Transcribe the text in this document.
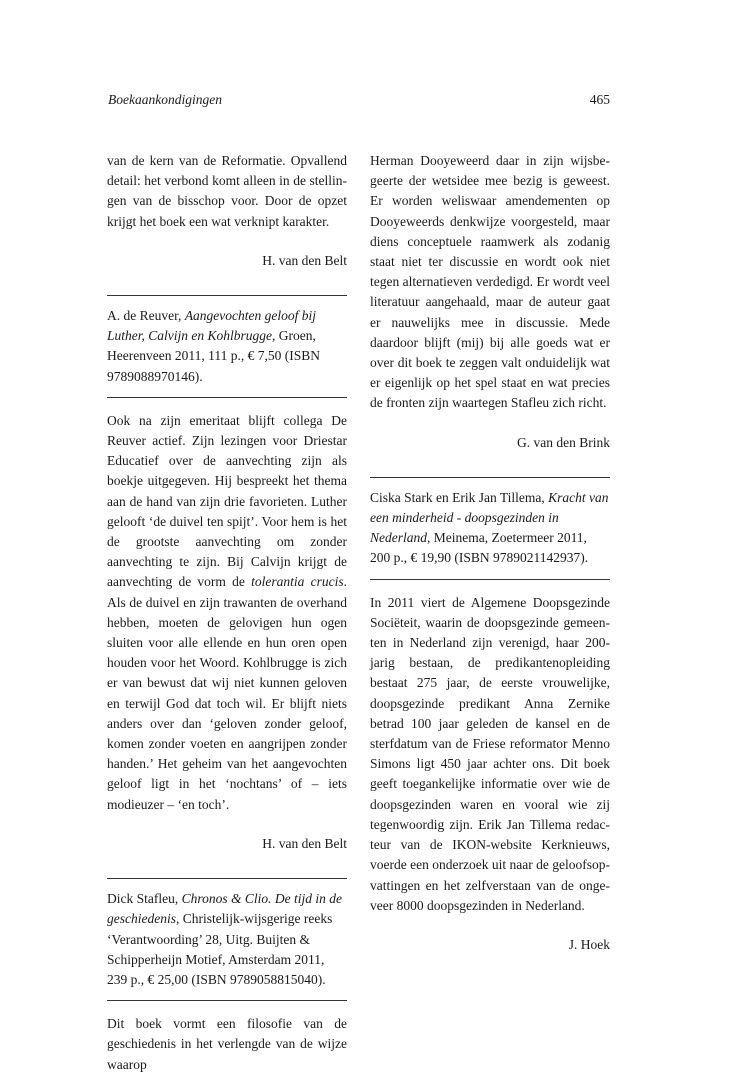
Boekaankondigingen	465

van de kern van de Reformatie. Opvallend detail: het verbond komt alleen in de stellingen van de bisschop voor. Door de opzet krijgt het boek een wat verknipt karakter.

H. van den Belt

A. de Reuver, Aangevochten geloof bij Luther, Calvijn en Kohlbrugge, Groen, Heerenveen 2011, 111 p., € 7,50 (ISBN 9789088970146).

Ook na zijn emeritaat blijft collega De Reuver actief. Zijn lezingen voor Driestar Educatief over de aanvechting zijn als boekje uitgegeven. Hij bespreekt het thema aan de hand van zijn drie favorieten. Luther gelooft ‘de duivel ten spijt’. Voor hem is het de grootste aanvechting om zonder aanvechting te zijn. Bij Calvijn krijgt de aanvechting de vorm de tolerantia crucis. Als de duivel en zijn trawanten de overhand hebben, moeten de gelovigen hun ogen sluiten voor alle ellende en hun oren open houden voor het Woord. Kohlbrugge is zich er van bewust dat wij niet kunnen geloven en terwijl God dat toch wil. Er blijft niets anders over dan ‘geloven zonder geloof, komen zonder voeten en aangrijpen zonder handen.’ Het geheim van het aangevochten geloof ligt in het ‘nochtans’ of – iets modieuzer – ‘en toch’.

H. van den Belt

Dick Stafleu, Chronos & Clio. De tijd in de geschiedenis, Christelijk-wijsgerige reeks ‘Verantwoording’ 28, Uitg. Buijten & Schipperheijn Motief, Amsterdam 2011, 239 p., € 25,00 (ISBN 9789058815040).

Dit boek vormt een filosofie van de geschiedenis in het verlengde van de wijze waarop

Herman Dooyeweerd daar in zijn wijsbegeerte der wetsidee mee bezig is geweest. Er worden weliswaar amendementen op Dooyeweerds denkwijze voorgesteld, maar diens conceptuele raamwerk als zodanig staat niet ter discussie en wordt ook niet tegen alternatieven verdedigd. Er wordt veel literatuur aangehaald, maar de auteur gaat er nauwelijks mee in discussie. Mede daardoor blijft (mij) bij alle goeds wat er over dit boek te zeggen valt onduidelijk wat er eigenlijk op het spel staat en wat precies de fronten zijn waartegen Stafleu zich richt.

G. van den Brink

Ciska Stark en Erik Jan Tillema, Kracht van een minderheid - doopsgezinden in Nederland, Meinema, Zoetermeer 2011, 200 p., € 19,90 (ISBN 9789021142937).

In 2011 viert de Algemene Doopsgezinde Sociëteit, waarin de doopsgezinde gemeenten in Nederland zijn verenigd, haar 200-jarig bestaan, de predikantenopleiding bestaat 275 jaar, de eerste vrouwelijke, doopsgezinde predikant Anna Zernike betrad 100 jaar geleden de kansel en de sterfdatum van de Friese reformator Menno Simons ligt 450 jaar achter ons. Dit boek geeft toegankelijke informatie over wie de doopsgezinden waren en vooral wie zij tegenwoordig zijn. Erik Jan Tillema redacteur van de IKON-website Kerknieuws, voerde een onderzoek uit naar de geloofsopvattingen en het zelfverstaan van de ongeveer 8000 doopsgezinden in Nederland.

J. Hoek
